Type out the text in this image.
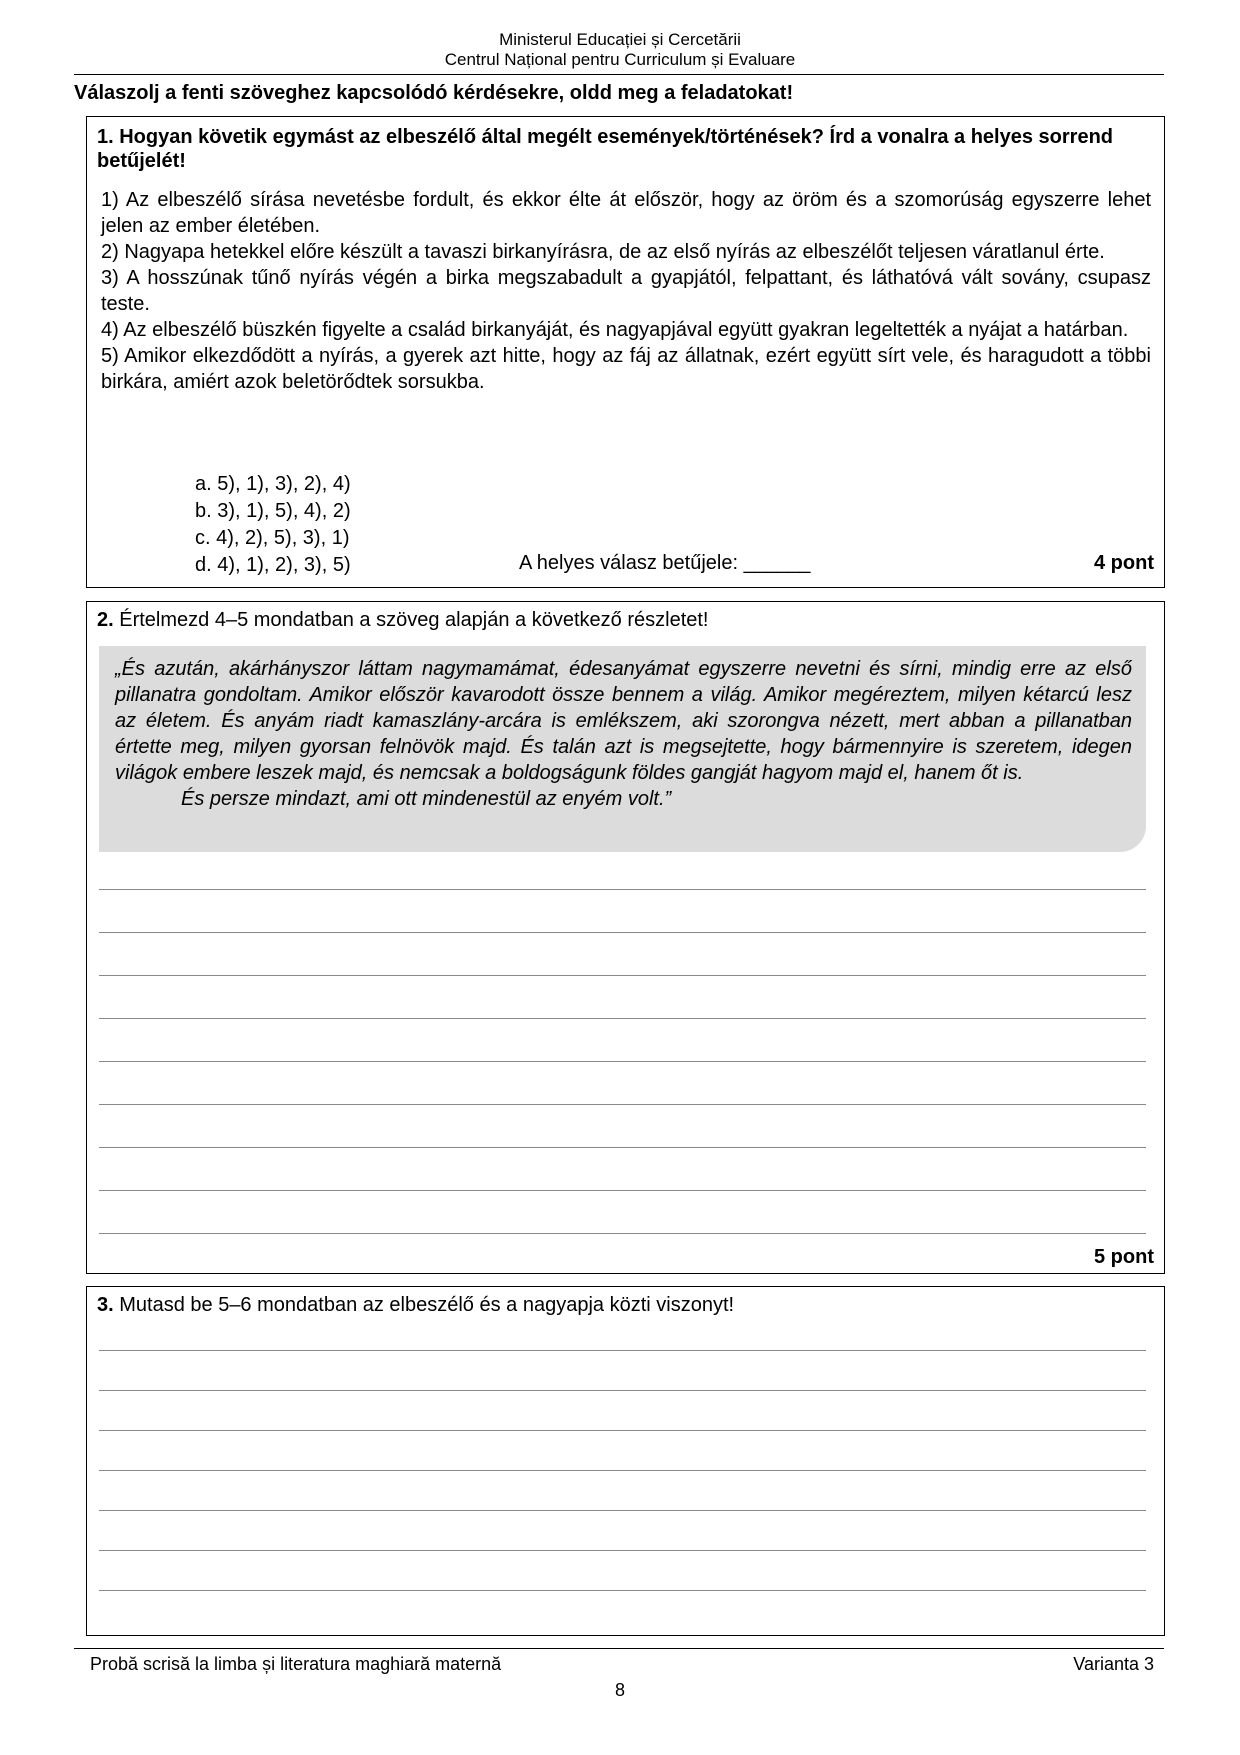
Ministerul Educației și Cercetării
Centrul Național pentru Curriculum și Evaluare
Válaszolj a fenti szöveghez kapcsolódó kérdésekre, oldd meg a feladatokat!
1. Hogyan követik egymást az elbeszélő által megélt események/történések? Írd a vonalra a helyes sorrend betűjelét!

1) Az elbeszélő sírása nevetésbe fordult, és ekkor élte át először, hogy az öröm és a szomorúság egyszerre lehet jelen az ember életében.

2) Nagyapa hetekkel előre készült a tavaszi birkanyírásra, de az első nyírás az elbeszélőt teljesen váratlanul érte.

3) A hosszúnak tűnő nyírás végén a birka megszabadult a gyapjától, felpattant, és láthatóvá vált sovány, csupasz teste.

4) Az elbeszélő büszkén figyelte a család birkanyáját, és nagyapjával együtt gyakran legeltették a nyájat a határban.

5) Amikor elkezdődött a nyírás, a gyerek azt hitte, hogy az fáj az állatnak, ezért együtt sírt vele, és haragudott a többi birkára, amiért azok beletörődtek sorsukba.

a. 5), 1), 3), 2), 4)
b. 3), 1), 5), 4), 2)
c. 4), 2), 5), 3), 1)
d. 4), 1), 2), 3), 5)	A helyes válasz betűjele: ______	4 pont
2. Értelmezd 4–5 mondatban a szöveg alapján a következő részletet!

„És azután, akárhányszor láttam nagymamámat, édesanyámat egyszerre nevetni és sírni, mindig erre az első pillanatra gondoltam. Amikor először kavarodott össze bennem a világ. Amikor megéreztem, milyen kétarcú lesz az életem. És anyám riadt kamaszlány-arcára is emlékszem, aki szorongva nézett, mert abban a pillanatban értette meg, milyen gyorsan felnövök majd. És talán azt is megsejtette, hogy bármennyire is szeretem, idegen világok embere leszek majd, és nemcsak a boldogságunk földes gangját hagyom majd el, hanem őt is.

És persze mindazt, ami ott mindenestül az enyém volt.”

5 pont
3. Mutasd be 5–6 mondatban az elbeszélő és a nagyapja közti viszonyt!
Probă scrisă la limba și literatura maghiară maternă	Varianta 3
8
